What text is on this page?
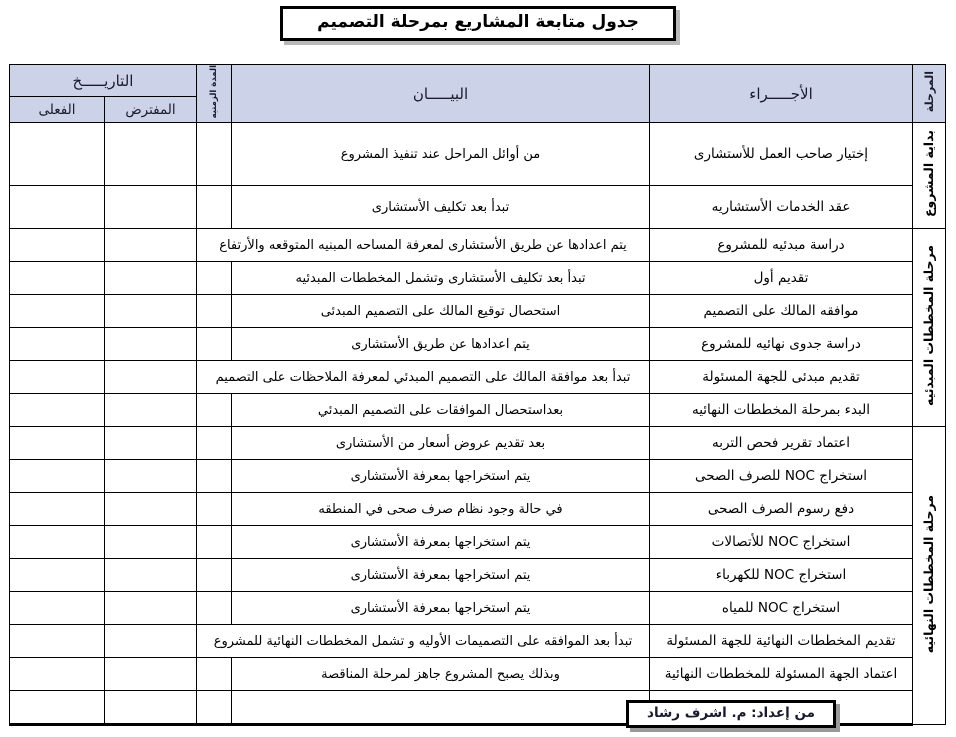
جدول متابعة المشاريع بمرحلة التصميم
المرحلة	الأجـــــراء	البيـــــان	المدة الزمنيه	التاريـــــخ	
				المفترض	الفعلى
بداية المشروع	إختيار صاحب العمل للأستشارى	من أوائل المراحل عند تنفيذ المشروع			
	عقد الخدمات الأستشاريه	تبدأ بعد تكليف الأستشارى			
مرحلة المخططات المبدئيه	دراسة مبدئيه للمشروع	يتم اعدادها عن طريق الأستشارى لمعرفة المساحه المبنيه المتوقعه والأرتفاع			
	تقديم أول	تبدأ بعد تكليف الأستشارى وتشمل المخططات المبدئيه			
	موافقه المالك على التصميم	استحصال توقيع المالك على التصميم المبدئى			
	دراسة جدوى نهائيه للمشروع	يتم اعدادها عن طريق الأستشارى			
	تقديم مبدئى للجهة المسئولة	تبدأ بعد موافقة المالك على التصميم المبدئي لمعرفة الملاحظات على التصميم			
	البدء بمرحلة المخططات النهائيه	بعداستحصال الموافقات على التصميم المبدئي			
مرحلة المخططات النهائيه	اعتماد تقرير فحص التربه	بعد تقديم عروض أسعار من الأستشارى			
	استخراج NOC للصرف الصحى	يتم استخراجها بمعرفة الأستشارى			
	دفع رسوم الصرف الصحى	في حالة وجود نظام صرف صحى في المنطقه			
	استخراج NOC للأتصالات	يتم استخراجها بمعرفة الأستشارى			
	استخراج NOC للكهرباء	يتم استخراجها بمعرفة الأستشارى			
	استخراج NOC للمياه	يتم استخراجها بمعرفة الأستشارى			
	تقديم المخططات النهائية للجهة المسئولة	تبدأ بعد الموافقه على التصميمات الأوليه و تشمل المخططات النهائية للمشروع			
	اعتماد الجهة المسئولة للمخططات النهائية	وبذلك يصبح المشروع جاهز لمرحلة المناقصة			

من إعداد: م. اشرف رشاد
